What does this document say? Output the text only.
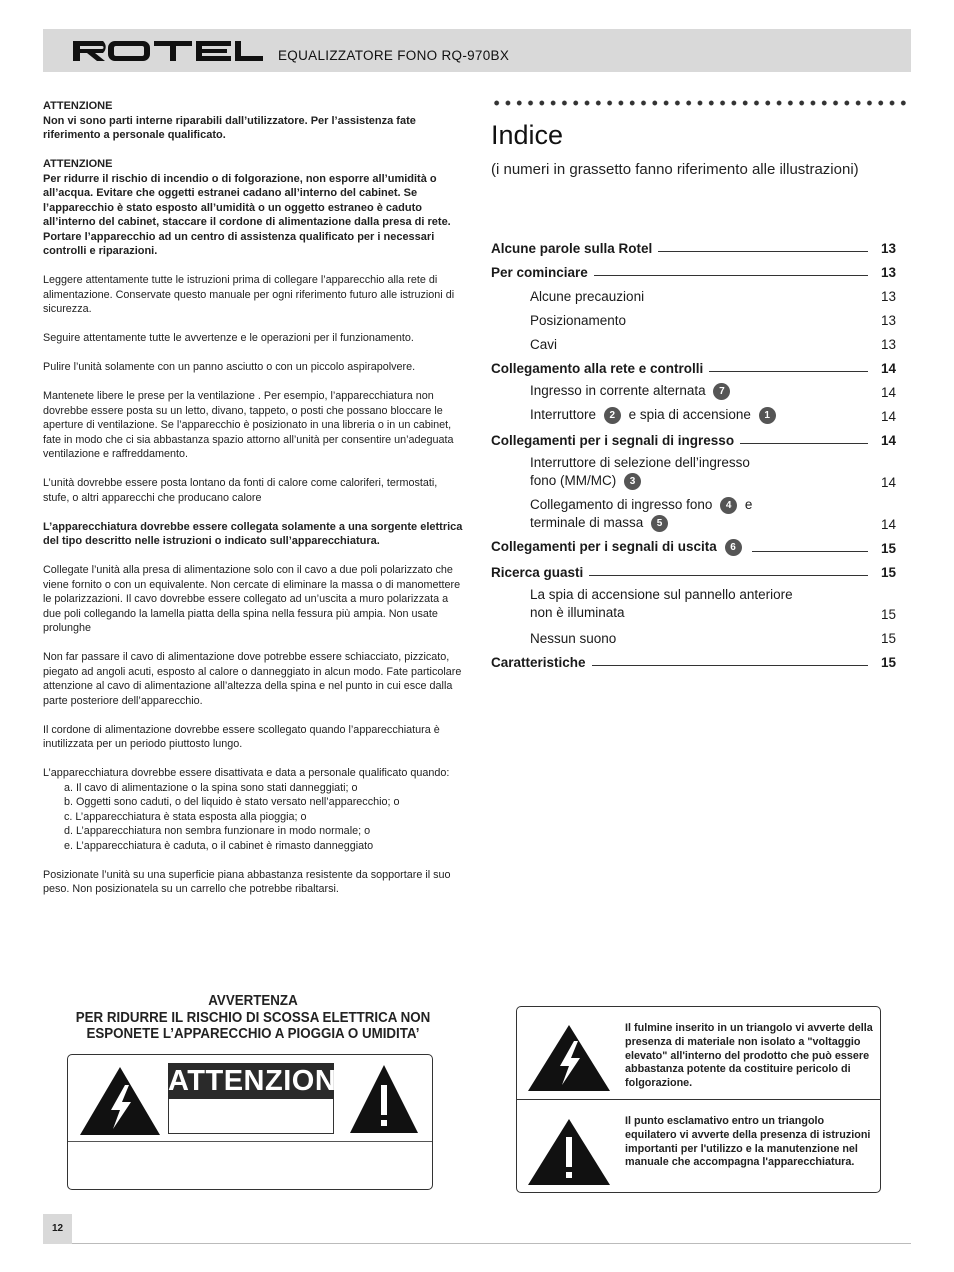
EQUALIZZATORE FONO RQ-970BX

ATTENZIONE
Non vi sono parti interne riparabili dall’utilizzatore. Per l’assistenza fate riferimento a personale qualificato.

ATTENZIONE
Per ridurre il rischio di incendio o di folgorazione, non esporre all’umidità o all’acqua. Evitare che oggetti estranei cadano all’interno del cabinet. Se l’apparecchio è stato esposto all’umidità o un oggetto estraneo è caduto all’interno del cabinet, staccare il cordone di alimentazione dalla presa di rete. Portare l’apparecchio ad un centro di assistenza qualificato per i necessari controlli e riparazioni.

Leggere attentamente tutte le istruzioni prima di collegare l’apparecchio alla rete di alimentazione. Conservate questo manuale per ogni riferimento futuro alle istruzioni di sicurezza.

Seguire attentamente tutte le avvertenze e le operazioni per il funzionamento.

Pulire l’unità solamente con un panno asciutto o con un piccolo aspirapolvere.

Mantenete libere le prese per la ventilazione . Per esempio, l’apparecchiatura non dovrebbe essere posta su un letto, divano, tappeto, o posti che possano bloccare le aperture di ventilazione. Se l’apparecchio è posizionato in una libreria o in un cabinet, fate in modo che ci sia abbastanza spazio attorno all’unità per consentire un’adeguata ventilazione e raffreddamento.

L’unità dovrebbe essere posta lontano da fonti di calore come caloriferi, termostati, stufe, o altri apparecchi che producano calore

L’apparecchiatura dovrebbe essere collegata solamente a una sorgente elettrica del tipo descritto nelle istruzioni o indicato sull’apparecchiatura.

Collegate l’unità alla presa di alimentazione solo con il cavo a due poli polarizzato che viene fornito o con un equivalente. Non cercate di eliminare la massa o di manomettere le polarizzazioni. Il cavo dovrebbe essere collegato ad un’uscita a muro polarizzata a due poli collegando la lamella piatta della spina nella fessura più ampia. Non usate prolunghe

Non far passare il cavo di alimentazione dove potrebbe essere schiacciato, pizzicato, piegato ad angoli acuti, esposto al calore o danneggiato in alcun modo. Fate particolare attenzione al cavo di alimentazione all’altezza della spina e nel punto in cui esce dalla parte posteriore dell’apparecchio.

Il cordone di alimentazione dovrebbe essere scollegato quando l’apparecchiatura è inutilizzata per un periodo piuttosto lungo.

L’apparecchiatura dovrebbe essere disattivata e data a personale qualificato quando:
a. Il cavo di alimentazione o la spina sono stati danneggiati; o
b. Oggetti sono caduti, o del liquido è stato versato nell’apparecchio; o
c. L’apparecchiatura è stata esposta alla pioggia; o
d. L’apparecchiatura non sembra funzionare in modo normale; o
e. L’apparecchiatura è caduta, o il cabinet è rimasto danneggiato

Posizionate l’unità su una superficie piana abbastanza resistente da sopportare il suo peso. Non posizionatela su un carrello che potrebbe ribaltarsi.

Indice
(i numeri in grassetto fanno riferimento alle illustrazioni)
Alcune parole sulla Rotel	13
Per cominciare	13
Alcune precauzioni	13
Posizionamento	13
Cavi	13
Collegamento alla rete e controlli	14
Ingresso in corrente alternata 7	14
Interruttore 2 e spia di accensione 1	14
Collegamenti per i segnali di ingresso	14
Interruttore di selezione dell’ingresso
fono (MM/MC) 3	14
Collegamento di ingresso fono 4 e
terminale di massa 5	14
Collegamenti per i segnali di uscita 6	15
Ricerca guasti	15
La spia di accensione sul pannello anteriore
non è illuminata	15
Nessun suono	15
Caratteristiche	15
AVVERTENZA
PER RIDURRE IL RISCHIO DI SCOSSA ELETTRICA NON
ESPONETE L’APPARECCHIO A PIOGGIA O UMIDITA’
ATTENZIONE
Il fulmine inserito in un triangolo vi avverte della presenza di materiale non isolato a "voltaggio elevato" all'interno del prodotto che può essere abbastanza potente da costituire pericolo di folgorazione.
Il punto esclamativo entro un triangolo equilatero vi avverte della presenza di istruzioni importanti per l'utilizzo e la manutenzione nel manuale che accompagna l'apparecchiatura.
12
